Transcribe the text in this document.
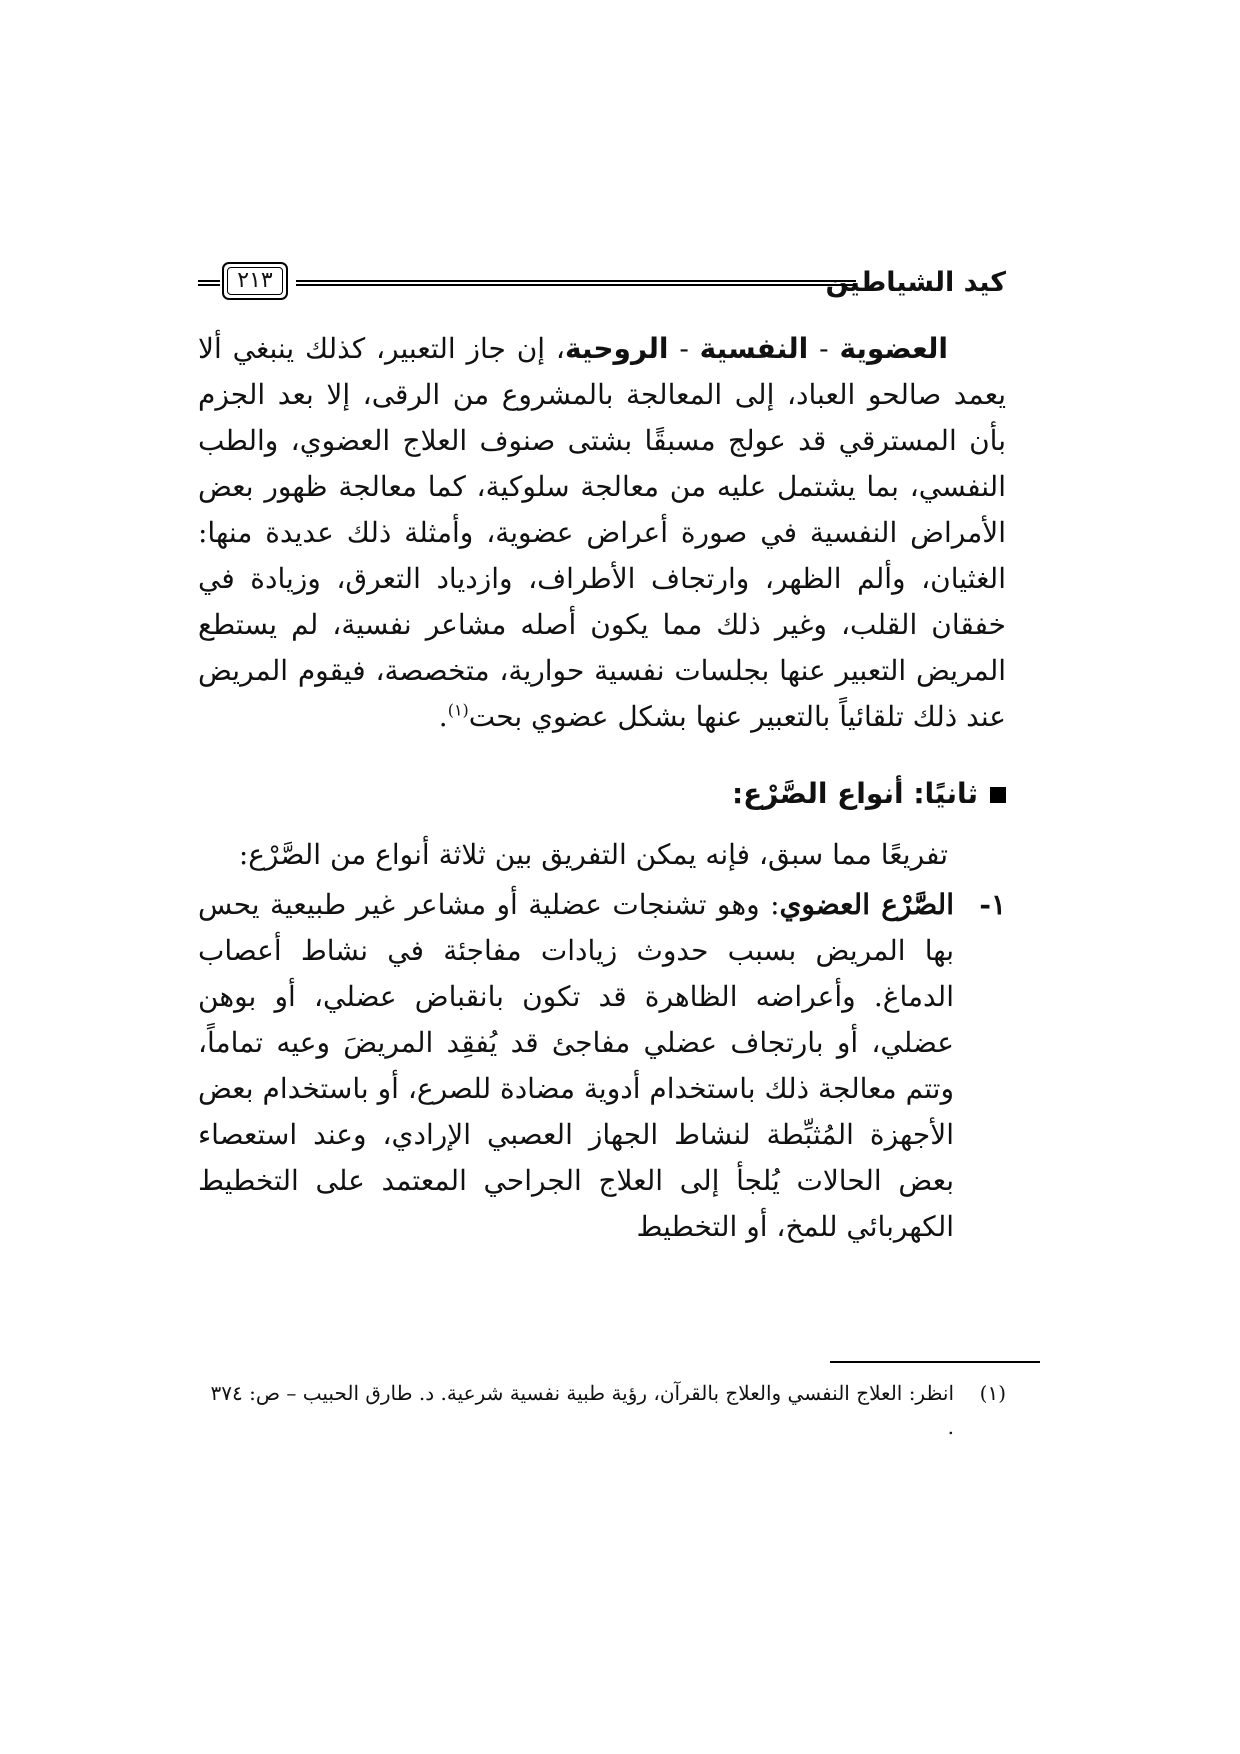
كيد الشياطين
٢١٣

العضوية - النفسية - الروحية، إن جاز التعبير، كذلك ينبغي ألا يعمد صالحو العباد، إلى المعالجة بالمشروع من الرقى، إلا بعد الجزم بأن المسترقي قد عولج مسبقًا بشتى صنوف العلاج العضوي، والطب النفسي، بما يشتمل عليه من معالجة سلوكية، كما معالجة ظهور بعض الأمراض النفسية في صورة أعراض عضوية، وأمثلة ذلك عديدة منها: الغثيان، وألم الظهر، وارتجاف الأطراف، وازدياد التعرق، وزيادة في خفقان القلب، وغير ذلك مما يكون أصله مشاعر نفسية، لم يستطع المريض التعبير عنها بجلسات نفسية حوارية، متخصصة، فيقوم المريض عند ذلك تلقائياً بالتعبير عنها بشكل عضوي بحت$^{(١)}$.

ثانيًا: أنواع الصَّرْع:

تفريعًا مما سبق، فإنه يمكن التفريق بين ثلاثة أنواع من الصَّرْع:

١-
الصَّرْع العضوي: وهو تشنجات عضلية أو مشاعر غير طبيعية يحس بها المريض بسبب حدوث زيادات مفاجئة في نشاط أعصاب الدماغ. وأعراضه الظاهرة قد تكون بانقباض عضلي، أو بوهن عضلي، أو بارتجاف عضلي مفاجئ قد يُفقِد المريضَ وعيه تماماً، وتتم معالجة ذلك باستخدام أدوية مضادة للصرع، أو باستخدام بعض الأجهزة المُثبِّطة لنشاط الجهاز العصبي الإرادي، وعند استعصاء بعض الحالات يُلجأ إلى العلاج الجراحي المعتمد على التخطيط الكهربائي للمخ، أو التخطيط
(١)

انظر: العلاج النفسي والعلاج بالقرآن، رؤية طبية نفسية شرعية. د. طارق الحبيب – ص: ٣٧٤ .
